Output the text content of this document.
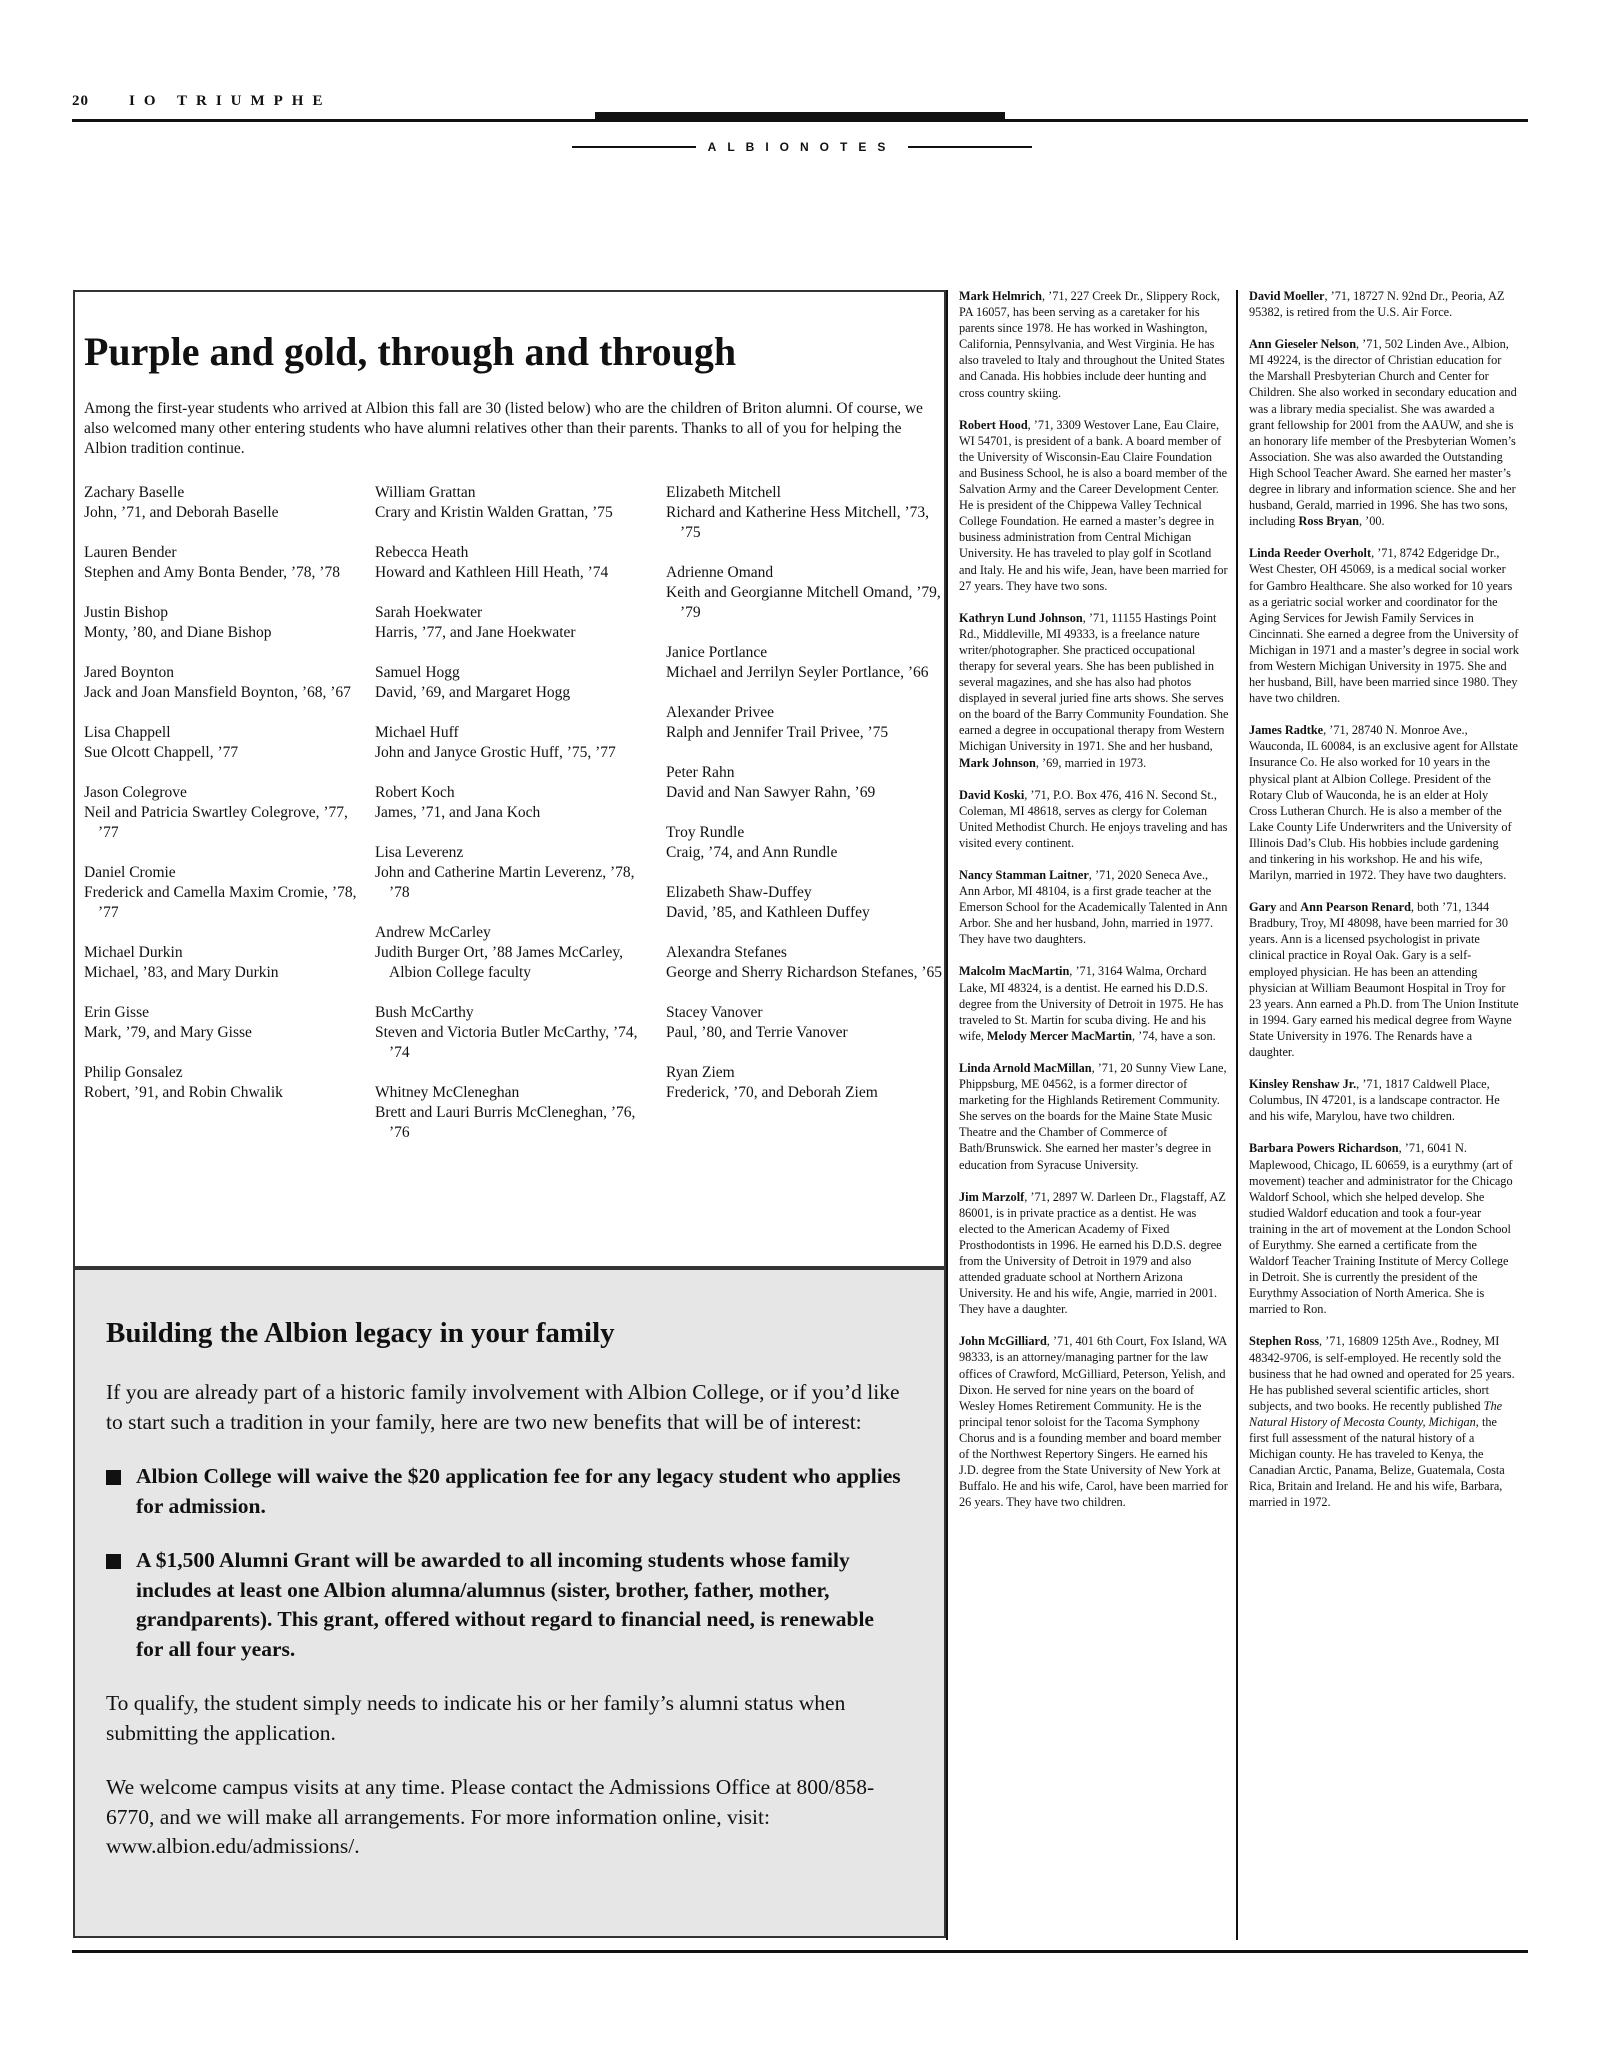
20	IO TRIUMPHE
ALBIONOTES
Purple and gold, through and through

Among the first-year students who arrived at Albion this fall are 30 (listed below) who are the children of Briton alumni. Of course, we also welcomed many other entering students who have alumni relatives other than their parents. Thanks to all of you for helping the Albion tradition continue.

Zachary Baselle
John, ’71, and Deborah Baselle
Lauren Bender
Stephen and Amy Bonta Bender, ’78, ’78
Justin Bishop
Monty, ’80, and Diane Bishop
Jared Boynton
Jack and Joan Mansfield Boynton, ’68, ’67
Lisa Chappell
Sue Olcott Chappell, ’77
Jason Colegrove
Neil and Patricia Swartley Colegrove, ’77, ’77
Daniel Cromie
Frederick and Camella Maxim Cromie, ’78, ’77
Michael Durkin
Michael, ’83, and Mary Durkin
Erin Gisse
Mark, ’79, and Mary Gisse
Philip Gonsalez
Robert, ’91, and Robin Chwalik
William Grattan
Crary and Kristin Walden Grattan, ’75
Rebecca Heath
Howard and Kathleen Hill Heath, ’74
Sarah Hoekwater
Harris, ’77, and Jane Hoekwater
Samuel Hogg
David, ’69, and Margaret Hogg
Michael Huff
John and Janyce Grostic Huff, ’75, ’77
Robert Koch
James, ’71, and Jana Koch
Lisa Leverenz
John and Catherine Martin Leverenz, ’78, ’78
Andrew McCarley
Judith Burger Ort, ’88 James McCarley, Albion College faculty
Bush McCarthy
Steven and Victoria Butler McCarthy, ’74, ’74
Whitney McCleneghan
Brett and Lauri Burris McCleneghan, ’76, ’76
Elizabeth Mitchell
Richard and Katherine Hess Mitchell, ’73, ’75
Adrienne Omand
Keith and Georgianne Mitchell Omand, ’79, ’79
Janice Portlance
Michael and Jerrilyn Seyler Portlance, ’66
Alexander Privee
Ralph and Jennifer Trail Privee, ’75
Peter Rahn
David and Nan Sawyer Rahn, ’69
Troy Rundle
Craig, ’74, and Ann Rundle
Elizabeth Shaw-Duffey
David, ’85, and Kathleen Duffey
Alexandra Stefanes
George and Sherry Richardson Stefanes, ’65
Stacey Vanover
Paul, ’80, and Terrie Vanover
Ryan Ziem
Frederick, ’70, and Deborah Ziem
Building the Albion legacy in your family

If you are already part of a historic family involvement with Albion College, or if you’d like to start such a tradition in your family, here are two new benefits that will be of interest:

Albion College will waive the $20 application fee for any legacy student who applies for admission.
A $1,500 Alumni Grant will be awarded to all incoming students whose family includes at least one Albion alumna/alumnus (sister, brother, father, mother, grandparents). This grant, offered without regard to financial need, is renewable for all four years.

To qualify, the student simply needs to indicate his or her family’s alumni status when submitting the application.

We welcome campus visits at any time. Please contact the Admissions Office at 800/858-6770, and we will make all arrangements. For more information online, visit: www.albion.edu/admissions/.

Mark Helmrich, ’71, 227 Creek Dr., Slippery Rock, PA 16057, has been serving as a caretaker for his parents since 1978. He has worked in Washington, California, Pennsylvania, and West Virginia. He has also traveled to Italy and throughout the United States and Canada. His hobbies include deer hunting and cross country skiing.

Robert Hood, ’71, 3309 Westover Lane, Eau Claire, WI 54701, is president of a bank. A board member of the University of Wisconsin-Eau Claire Foundation and Business School, he is also a board member of the Salvation Army and the Career Development Center. He is president of the Chippewa Valley Technical College Foundation. He earned a master’s degree in business administration from Central Michigan University. He has traveled to play golf in Scotland and Italy. He and his wife, Jean, have been married for 27 years. They have two sons.

Kathryn Lund Johnson, ’71, 11155 Hastings Point Rd., Middleville, MI 49333, is a freelance nature writer/photographer. She practiced occupational therapy for several years. She has been published in several magazines, and she has also had photos displayed in several juried fine arts shows. She serves on the board of the Barry Community Foundation. She earned a degree in occupational therapy from Western Michigan University in 1971. She and her husband, Mark Johnson, ’69, married in 1973.

David Koski, ’71, P.O. Box 476, 416 N. Second St., Coleman, MI 48618, serves as clergy for Coleman United Methodist Church. He enjoys traveling and has visited every continent.

Nancy Stamman Laitner, ’71, 2020 Seneca Ave., Ann Arbor, MI 48104, is a first grade teacher at the Emerson School for the Academically Talented in Ann Arbor. She and her husband, John, married in 1977. They have two daughters.

Malcolm MacMartin, ’71, 3164 Walma, Orchard Lake, MI 48324, is a dentist. He earned his D.D.S. degree from the University of Detroit in 1975. He has traveled to St. Martin for scuba diving. He and his wife, Melody Mercer MacMartin, ’74, have a son.

Linda Arnold MacMillan, ’71, 20 Sunny View Lane, Phippsburg, ME 04562, is a former director of marketing for the Highlands Retirement Community. She serves on the boards for the Maine State Music Theatre and the Chamber of Commerce of Bath/Brunswick. She earned her master’s degree in education from Syracuse University.

Jim Marzolf, ’71, 2897 W. Darleen Dr., Flagstaff, AZ 86001, is in private practice as a dentist. He was elected to the American Academy of Fixed Prosthodontists in 1996. He earned his D.D.S. degree from the University of Detroit in 1979 and also attended graduate school at Northern Arizona University. He and his wife, Angie, married in 2001. They have a daughter.

John McGilliard, ’71, 401 6th Court, Fox Island, WA 98333, is an attorney/managing partner for the law offices of Crawford, McGilliard, Peterson, Yelish, and Dixon. He served for nine years on the board of Wesley Homes Retirement Community. He is the principal tenor soloist for the Tacoma Symphony Chorus and is a founding member and board member of the Northwest Repertory Singers. He earned his J.D. degree from the State University of New York at Buffalo. He and his wife, Carol, have been married for 26 years. They have two children.

David Moeller, ’71, 18727 N. 92nd Dr., Peoria, AZ 95382, is retired from the U.S. Air Force.

Ann Gieseler Nelson, ’71, 502 Linden Ave., Albion, MI 49224, is the director of Christian education for the Marshall Presbyterian Church and Center for Children. She also worked in secondary education and was a library media specialist. She was awarded a grant fellowship for 2001 from the AAUW, and she is an honorary life member of the Presbyterian Women’s Association. She was also awarded the Outstanding High School Teacher Award. She earned her master’s degree in library and information science. She and her husband, Gerald, married in 1996. She has two sons, including Ross Bryan, ’00.

Linda Reeder Overholt, ’71, 8742 Edgeridge Dr., West Chester, OH 45069, is a medical social worker for Gambro Healthcare. She also worked for 10 years as a geriatric social worker and coordinator for the Aging Services for Jewish Family Services in Cincinnati. She earned a degree from the University of Michigan in 1971 and a master’s degree in social work from Western Michigan University in 1975. She and her husband, Bill, have been married since 1980. They have two children.

James Radtke, ’71, 28740 N. Monroe Ave., Wauconda, IL 60084, is an exclusive agent for Allstate Insurance Co. He also worked for 10 years in the physical plant at Albion College. President of the Rotary Club of Wauconda, he is an elder at Holy Cross Lutheran Church. He is also a member of the Lake County Life Underwriters and the University of Illinois Dad’s Club. His hobbies include gardening and tinkering in his workshop. He and his wife, Marilyn, married in 1972. They have two daughters.

Gary and Ann Pearson Renard, both ’71, 1344 Bradbury, Troy, MI 48098, have been married for 30 years. Ann is a licensed psychologist in private clinical practice in Royal Oak. Gary is a self-employed physician. He has been an attending physician at William Beaumont Hospital in Troy for 23 years. Ann earned a Ph.D. from The Union Institute in 1994. Gary earned his medical degree from Wayne State University in 1976. The Renards have a daughter.

Kinsley Renshaw Jr., ’71, 1817 Caldwell Place, Columbus, IN 47201, is a landscape contractor. He and his wife, Marylou, have two children.

Barbara Powers Richardson, ’71, 6041 N. Maplewood, Chicago, IL 60659, is a eurythmy (art of movement) teacher and administrator for the Chicago Waldorf School, which she helped develop. She studied Waldorf education and took a four-year training in the art of movement at the London School of Eurythmy. She earned a certificate from the Waldorf Teacher Training Institute of Mercy College in Detroit. She is currently the president of the Eurythmy Association of North America. She is married to Ron.

Stephen Ross, ’71, 16809 125th Ave., Rodney, MI 48342-9706, is self-employed. He recently sold the business that he had owned and operated for 25 years. He has published several scientific articles, short subjects, and two books. He recently published The Natural History of Mecosta County, Michigan, the first full assessment of the natural history of a Michigan county. He has traveled to Kenya, the Canadian Arctic, Panama, Belize, Guatemala, Costa Rica, Britain and Ireland. He and his wife, Barbara, married in 1972.
